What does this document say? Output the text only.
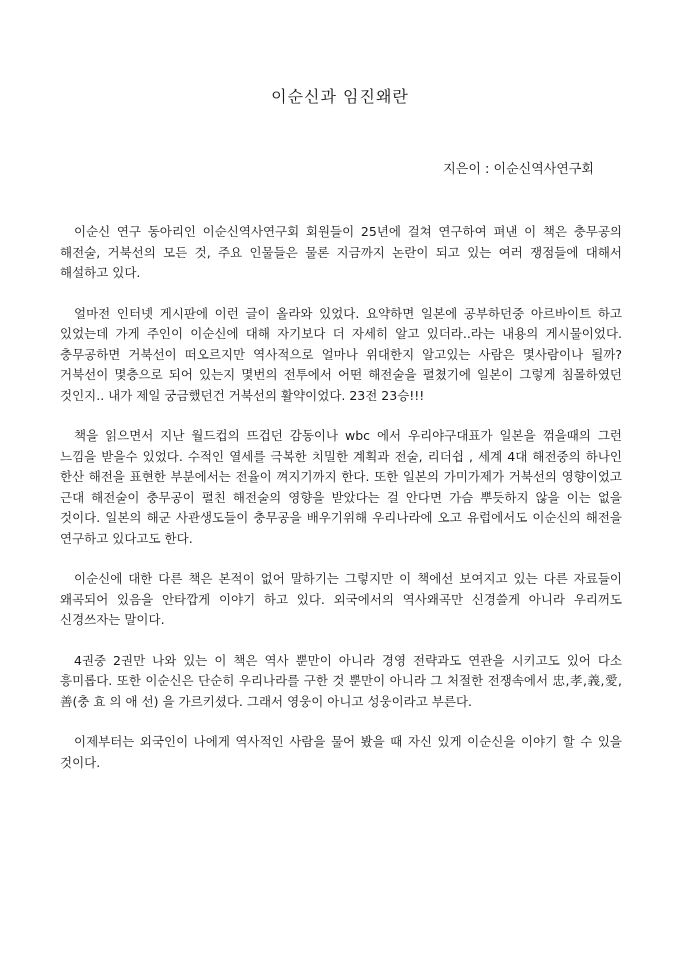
이순신과 임진왜란

지은이 : 이순신역사연구회

이순신 연구 동아리인 이순신역사연구회 회원들이 25년에 걸쳐 연구하여 펴낸 이 책은 충무공의 해전술, 거북선의 모든 것, 주요 인물들은 물론 지금까지 논란이 되고 있는 여러 쟁점들에 대해서 해설하고 있다.

얼마전 인터넷 게시판에 이런 글이 올라와 있었다. 요약하면 일본에 공부하던중 아르바이트 하고 있었는데 가게 주인이 이순신에 대해 자기보다 더 자세히 알고 있더라..라는 내용의 게시물이었다. 충무공하면 거북선이 떠오르지만 역사적으로 얼마나 위대한지 알고있는 사람은 몇사람이나 될까? 거북선이 몇층으로 되어 있는지 몇번의 전투에서 어떤 해전술을 펼쳤기에 일본이 그렇게 침몰하였던 것인지.. 내가 제일 궁금했던건 거북선의 활약이었다. 23전 23승!!!

책을 읽으면서 지난 월드컵의 뜨겁던 감동이나 wbc 에서 우리야구대표가 일본을 꺾을때의 그런 느낌을 받을수 있었다. 수적인 열세를 극복한 치밀한 계획과 전술, 리더쉽 , 세계 4대 해전중의 하나인 한산 해전을 표현한 부분에서는 전율이 껴지기까지 한다. 또한 일본의 가미가제가 거북선의 영향이었고 근대 해전술이 충무공이 펼친 해전술의 영향을 받았다는 걸 안다면 가슴 뿌듯하지 않을 이는 없을 것이다. 일본의 해군 사관생도들이 충무공을 배우기위해 우리나라에 오고 유럽에서도 이순신의 해전을 연구하고 있다고도 한다.

이순신에 대한 다른 책은 본적이 없어 말하기는 그렇지만 이 책에선 보여지고 있는 다른 자료들이 왜곡되어 있음을 안타깝게 이야기 하고 있다. 외국에서의 역사왜곡만 신경쓸게 아니라 우리꺼도 신경쓰자는 말이다.

4권중 2권만 나와 있는 이 책은 역사 뿐만이 아니라 경영 전략과도 연관을 시키고도 있어 다소 흥미롭다. 또한 이순신은 단순히 우리나라를 구한 것 뿐만이 아니라 그 처절한 전쟁속에서 忠,孝,義,愛,善(충 효 의 애 선) 을 가르키셨다. 그래서 영웅이 아니고 성웅이라고 부른다.

이제부터는 외국인이 나에게 역사적인 사람을 물어 봤을 때 자신 있게 이순신을 이야기 할 수 있을 것이다.
